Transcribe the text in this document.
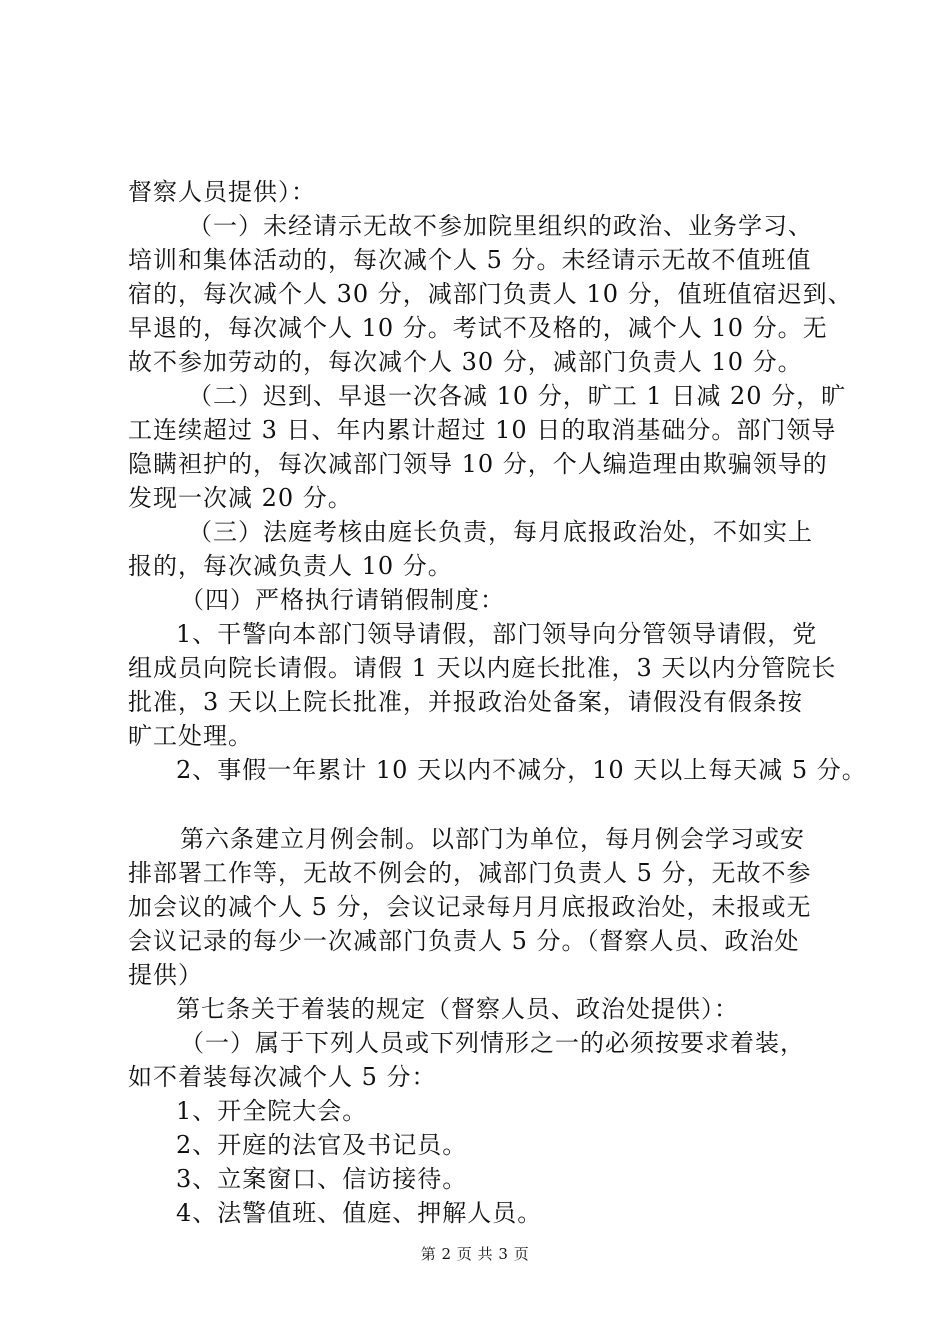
督察人员提供）：
（一）未经请示无故不参加院里组织的政治、业务学习、
培训和集体活动的，每次减个人 5 分。未经请示无故不值班值
宿的，每次减个人 30 分，减部门负责人 10 分，值班值宿迟到、
早退的，每次减个人 10 分。考试不及格的，减个人 10 分。无
故不参加劳动的，每次减个人 30 分，减部门负责人 10 分。
（二）迟到、早退一次各减 10 分，旷工 1 日减 20 分，旷
工连续超过 3 日、年内累计超过 10 日的取消基础分。部门领导
隐瞒袒护的，每次减部门领导 10 分，个人编造理由欺骗领导的
发现一次减 20 分。
（三）法庭考核由庭长负责，每月底报政治处，不如实上
报的，每次减负责人 10 分。
（四）严格执行请销假制度：
1、干警向本部门领导请假，部门领导向分管领导请假，党
组成员向院长请假。请假 1 天以内庭长批准，3 天以内分管院长
批准，3 天以上院长批准，并报政治处备案，请假没有假条按
旷工处理。
2、事假一年累计 10 天以内不减分，10 天以上每天减 5 分。
第六条建立月例会制。以部门为单位，每月例会学习或安
排部署工作等，无故不例会的，减部门负责人 5 分，无故不参
加会议的减个人 5 分，会议记录每月月底报政治处，未报或无
会议记录的每少一次减部门负责人 5 分。（督察人员、政治处
提供）
第七条关于着装的规定（督察人员、政治处提供）：
（一）属于下列人员或下列情形之一的必须按要求着装，
如不着装每次减个人 5 分：
1、开全院大会。
2、开庭的法官及书记员。
3、立案窗口、信访接待。
4、法警值班、值庭、押解人员。
第 2 页 共 3 页
